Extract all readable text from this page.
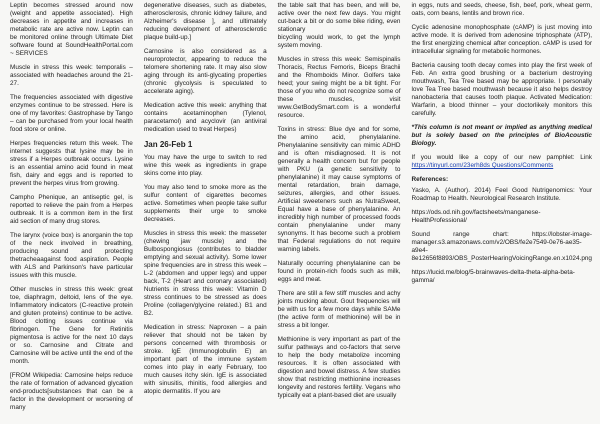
Leptin becomes stressed around now (weight and appetite associated). High decreases in appetite and increases in metabolic rate are active now. Leptin can be monitored online through Ultimate Diet software found at SoundHealthPortal.com ~ SERVICES

Muscle in stress this week: temporalis – associated with headaches around the 21-27.

The frequencies associated with digestive enzymes continue to be stressed. Here is one of my favorites: Gastrophase by Tango – can be purchased from your local health food store or online.

Herpes frequencies return this week. The internet suggests that lysine may be in stress if a Herpes outbreak occurs. Lysine is an essential amino acid found in meat fish, dairy and eggs and is reported to prevent the herpes virus from growing.

Campho Phenique, an antiseptic gel, is reported to relieve the pain from a Herpes outbreak. It is a common item in the first aid section of many drug stores.

The larynx (voice box) is anorganin the top of the neck involved in breathing, producing sound and protecting thetracheaagainst food aspiration. People with ALS and Parkinson's have particular issues with this muscle.

Other muscles in stress this week: great toe, diaphragm, deltoid, lens of the eye. Inflammatory indicators (C-reactive protein and gluten proteins) continue to be active. Blood clotting issues continue via fibrinogen. The Gene for Retinitis pigmentosa is active for the next 10 days or so. Carnosine and Citrate and Carnosine will be active until the end of the month.

[FROM Wikipedia: Carnosine helps reduce the rate of formation of advanced glycation end-products[substances that can be a factor in the development or worsening of many

degenerative diseases, such as diabetes, atherosclerosis, chronic kidney failure, and Alzheimer's disease ], and ultimately reducing development of atherosclerotic plaque build-up.]

Carnosine is also considered as a neuroprotector, appearing to reduce the telomere shortening rate. It may also slow aging through its anti-glycating properties (chronic glycolysis is speculated to accelerate aging).

Medication active this week: anything that contains acetaminophen (Tylenol, paracetamol) and acyclovir (an antiviral medication used to treat Herpes)

Jan 26-Feb 1

You may have the urge to switch to red wine this week as ingredients in grape skins come into play.

You may also tend to smoke more as the sulfur content of cigarettes becomes active. Sometimes when people take sulfur supplements their urge to smoke decreases.

Muscles in stress this week: the masseter (chewing jaw muscle) and the Bulbospongiosus (contributes to bladder emptying and sexual activity). Some lower spine frequencies are in stress this week – L-2 (abdomen and upper legs) and upper back, T-2 (Heart and coronary associated) Nutrients in stress this week: Vitamin D stress continues to be stressed as does Proline (collagen/glycine related.) B1 and B2.

Medication in stress: Naproxen – a pain reliever that should not be taken by persons concerned with thrombosis or stroke. IgE (Immunoglobulin E) an important part of the immune system comes into play in early February, too much causes itchy skin. IgE is associated with sinusitis, rhinitis, food allergies and atopic dermatitis. If you are

the table salt that has been, and will be, active over the next few days. You might cut-back a bit or do some bike riding, even stationary

bicycling would work, to get the lymph system moving.

Muscles in stress this week: Semispinalis Thoracis, Rectus Femoris, Biceps Brachii and the Rhomboids Minor. Golfers take heed; your swing might be a bit tight. For those of you who do not recognize some of these muscles, visit www.GetBodySmart.com is a wonderful resource.

Toxins in stress: Blue dye and for some, the amino acid, phenylalanine. Phenylalanine sensitivity can mimic ADHD and is often misdiagnosed. It is not generally a health concern but for people with PKU (a genetic sensitivity to phenylalanine) it may cause symptoms of mental retardation, brain damage, seizures, allergies, and other issues. Artificial sweeteners such as NutraSweet, Equal have a base of phenylalanine. An incredibly high number of processed foods contain phenylalanine under many synonyms. It has become such a problem that Federal regulations do not require warning labels.

Naturally occurring phenylalanine can be found in protein-rich foods such as milk, eggs and meat.

There are still a few stiff muscles and achy joints mucking about. Gout frequencies will be with us for a few more days while SAMe (the active form of methionine) will be in stress a bit longer.

Methionine is very important as part of the sulfur pathways and co-factors that serve to help the body metabolize incoming resources. It is often associated with digestion and bowel distress. A few studies show that restricting methionine increases longevity and restores fertility. Vegans who typically eat a plant-based diet are usually

in eggs, nuts and seeds, cheese, fish, beef, pork, wheat germ, oats, corn beans, lentils and brown rice.

Cyclic adenosine monophosphate (cAMP) is just moving into active mode. It is derived from adenosine triphosphate (ATP), the first energizing chemical after conception. cAMP is used for intracellular signaling for metabolic hormones.

Bacteria causing tooth decay comes into play the first week of Feb. An extra good brushing or a bacterium destroying mouthwash, Tea Tree based may be appropriate. I personally love Tea Tree based mouthwash because it also helps destroy nanobacteria that causes tooth plaque. Activated Medication: Warfarin, a blood thinner – your doctorlikely monitors this carefully.

*This column is not meant or implied as anything medical but is solely based on the principles of BioAcoustic Biology.

If you would like a copy of our new pamphlet: Link https://tinyurl.com/23erh8ds Questions/Comments

References:

Yasko, A. (Author). 2014) Feel Good Nutrigenomics: Your Roadmap to Health. Neurological Research Institute.

https://ods.od.nih.gov/factsheets/manganese-HealthProfessional/

Sound range chart: https://lobster-image-manager.s3.amazonaws.com/v2/OBS/fe2e7549-0e76-ae35-a9e4-8e12656f8893/OBS_PosterHearingVoicingRange.en.x1024.png

https://lucid.me/blog/5-brainwaves-delta-theta-alpha-beta-gamma/
